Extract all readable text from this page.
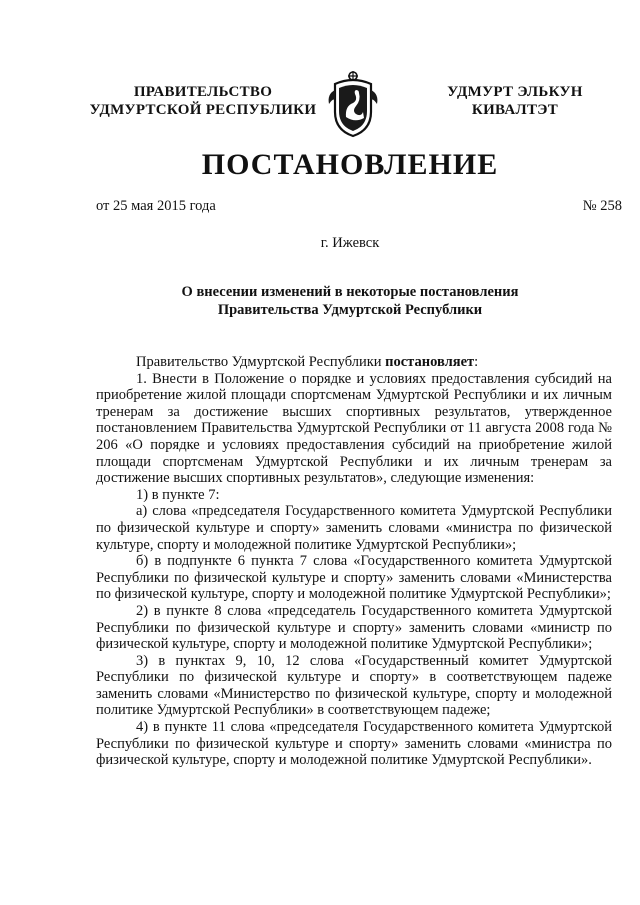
ПРАВИТЕЛЬСТВО
УДМУРТСКОЙ РЕСПУБЛИКИ
УДМУРТ ЭЛЬКУН
КИВАЛТЭТ
ПОСТАНОВЛЕНИЕ
от 25 мая 2015 года	№ 258
г. Ижевск
О внесении изменений в некоторые постановления
Правительства Удмуртской Республики

Правительство Удмуртской Республики постановляет:

1. Внести в Положение о порядке и условиях предоставления субсидий на приобретение жилой площади спортсменам Удмуртской Республики и их личным тренерам за достижение высших спортивных результатов, утвержденное постановлением Правительства Удмуртской Республики от 11 августа 2008 года № 206 «О порядке и условиях предоставления субсидий на приобретение жилой площади спортсменам Удмуртской Республики и их личным тренерам за достижение высших спортивных результатов», следующие изменения:

1) в пункте 7:

а) слова «председателя Государственного комитета Удмуртской Республики по физической культуре и спорту» заменить словами «министра по физической культуре, спорту и молодежной политике Удмуртской Республики»;

б) в подпункте 6 пункта 7 слова «Государственного комитета Удмуртской Республики по физической культуре и спорту» заменить словами «Министерства по физической культуре, спорту и молодежной политике Удмуртской Республики»;

2) в пункте 8 слова «председатель Государственного комитета Удмуртской Республики по физической культуре и спорту» заменить словами «министр по физической культуре, спорту и молодежной политике Удмуртской Республики»;

3) в пунктах 9, 10, 12 слова «Государственный комитет Удмуртской Республики по физической культуре и спорту» в соответствующем падеже заменить словами «Министерство по физической культуре, спорту и молодежной политике Удмуртской Республики» в соответствующем падеже;

4) в пункте 11 слова «председателя Государственного комитета Удмуртской Республики по физической культуре и спорту» заменить словами «министра по физической культуре, спорту и молодежной политике Удмуртской Республики».
